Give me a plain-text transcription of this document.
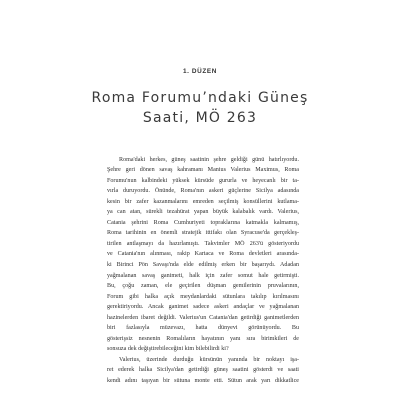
1. DÜZEN
Roma Forumu’ndaki Güneş
Saati, MÖ 263
Roma'daki herkes, güneş saatinin şehre geldiği günü hatırlıyordu.
Şehre geri dönen savaş kahramanı Manius Valerius Maximus, Roma
Forumu'nun kalbindeki yüksek kürsüde gururla ve heyecanlı bir ta-
vırla duruyordu. Önünde, Roma'nın askeri güçlerine Sicilya adasında
kesin bir zafer kazanmalarını emreden seçilmiş konsüllerini kutlama-
ya can atan, sürekli tezahürat yapan büyük kalabalık vardı. Valerius,
Catania şehrini Roma Cumhuriyeti topraklarına katmakla kalmamış,
Roma tarihinin en önemli stratejik ittifakı olan Syracuse'da gerçekleş-
tirilen antlaşmayı da hazırlamıştı. Takvimler MÖ 263'ü gösteriyordu
ve Catania'nın alınması, rakip Kartaca ve Roma devletleri arasında-
ki Birinci Pön Savaşı'nda elde edilmiş erken bir başarıydı. Adadan
yağmalanan savaş ganimeti, halk için zafer somut hale getirmişti.
Bu, çoğu zaman, ele geçirilen düşman gemilerinin pruvalarının,
Forum gibi halka açık meydanlardaki sütunlara takılıp kırılmasını
gerektiriyordu. Ancak ganimet sadece askeri andaçlar ve yağmalanan
hazinelerden ibaret değildi. Valerius'un Catania'dan getirdiği ganimetlerden
biri fazlasıyla müzevazı, hatta dünyevi görünüyordu. Bu
gösterişsiz nesnenin Romalıların hayatının yanı sıra birimkileri de
sonsuza dek değiştirebileceğini kim bilebilirdi ki?
Valerius, üzerinde durduğu kürsünün yanında bir noktayı işa-
ret ederek halka Sicilya'dan getirdiği güneş saatini gösterdi ve saati
kendi adını taşıyan bir sütuna monte etti. Sütun arak yarı dikkatlice
